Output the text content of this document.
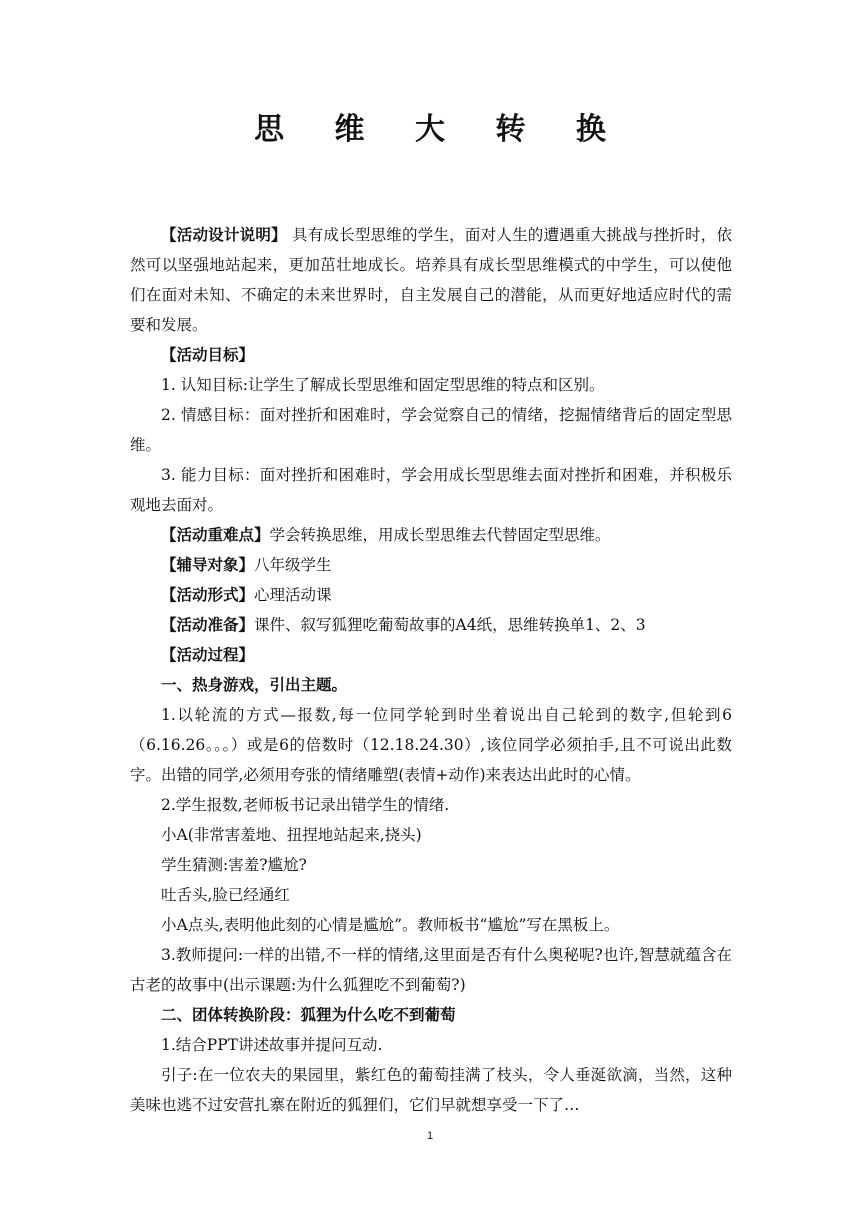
思 维 大 转 换

【活动设计说明】 具有成长型思维的学生，面对人生的遭遇重大挑战与挫折时，依然可以坚强地站起来，更加茁壮地成长。培养具有成长型思维模式的中学生，可以使他们在面对未知、不确定的未来世界时，自主发展自己的潜能，从而更好地适应时代的需要和发展。

【活动目标】

1. 认知目标:让学生了解成长型思维和固定型思维的特点和区别。

2. 情感目标：面对挫折和困难时，学会觉察自己的情绪，挖掘情绪背后的固定型思维。

3. 能力目标：面对挫折和困难时，学会用成长型思维去面对挫折和困难，并积极乐观地去面对。

【活动重难点】学会转换思维，用成长型思维去代替固定型思维。

【辅导对象】八年级学生

【活动形式】心理活动课

【活动准备】课件、叙写狐狸吃葡萄故事的A4纸，思维转换单1、2、3

【活动过程】

一、热身游戏，引出主题。

1.以轮流的方式—报数,每一位同学轮到时坐着说出自己轮到的数字,但轮到6（6.16.26。。。）或是6的倍数时（12.18.24.30）,该位同学必须拍手,且不可说出此数字。出错的同学,必须用夸张的情绪雕塑(表情+动作)来表达出此时的心情。

2.学生报数,老师板书记录出错学生的情绪.

小A(非常害羞地、扭捏地站起来,挠头)

学生猜测:害羞?尴尬?

吐舌头,脸已经通红

小A点头,表明他此刻的心情是尴尬”。教师板书“尴尬”写在黑板上。

3.教师提问:一样的出错,不一样的情绪,这里面是否有什么奥秘呢?也许,智慧就蕴含在古老的故事中(出示课题:为什么狐狸吃不到葡萄?)

二、团体转换阶段：狐狸为什么吃不到葡萄

1.结合PPT讲述故事并提问互动.

引子:在一位农夫的果园里，紫红色的葡萄挂满了枝头，令人垂涎欲滴，当然，这种美味也逃不过安营扎寨在附近的狐狸们，它们早就想享受一下了…

1
